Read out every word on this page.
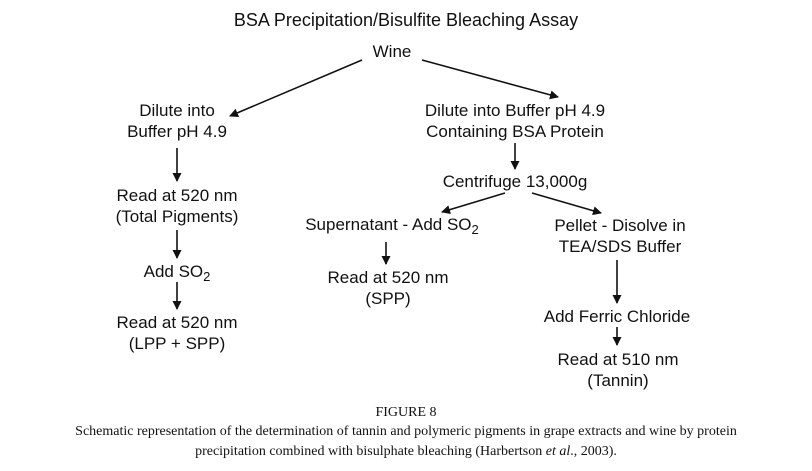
BSA Precipitation/Bisulfite Bleaching Assay
Wine
Dilute into
Buffer pH 4.9
Dilute into Buffer pH 4.9
Containing BSA Protein
Read at 520 nm
(Total Pigments)
Centrifuge 13,000g
Supernatant - Add $SO_2$	Pellet - Disolve in
TEA/SDS Buffer
Add $SO_2$	Read at 520 nm
(SPP)
Read at 520 nm
(LPP + SPP)
Add Ferric Chloride
Read at 510 nm
(Tannin)
FIGURE 8
Schematic representation of the determination of tannin and polymeric pigments in grape extracts and wine by protein
precipitation combined with bisulphate bleaching (Harbertson et al., 2003).
